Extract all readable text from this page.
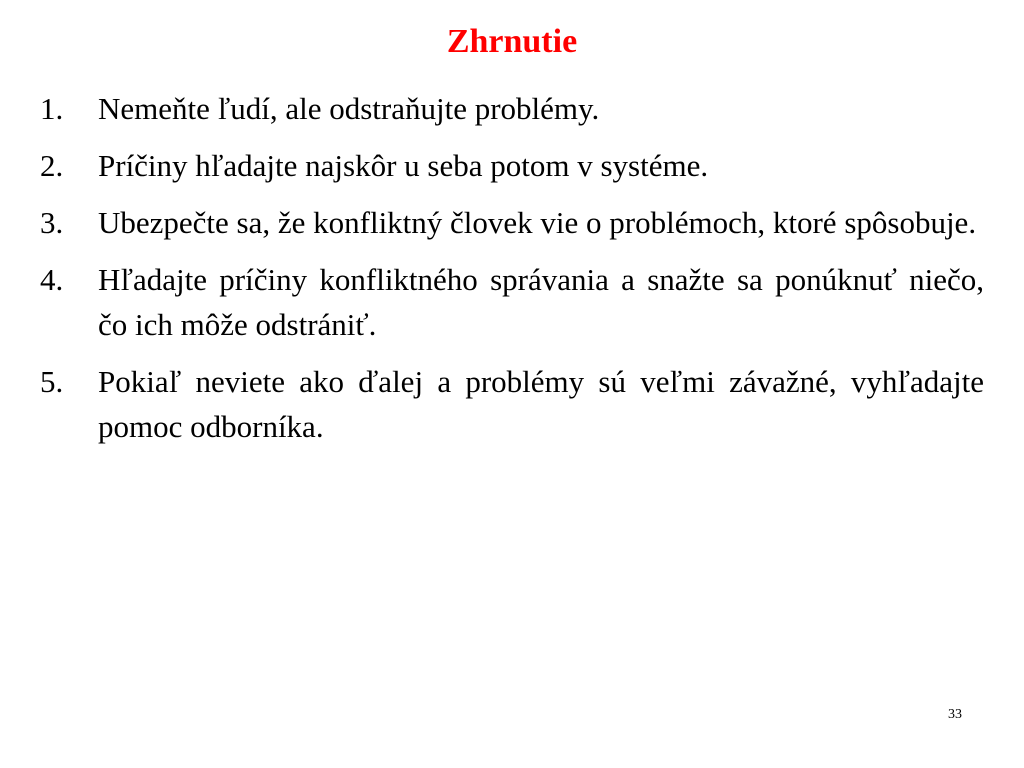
Zhrnutie
1.	Nemeňte ľudí, ale odstraňujte problémy.
2.	Príčiny hľadajte najskôr u seba potom v systéme.
3.	Ubezpečte sa, že konfliktný človek vie o problémoch, ktoré spôsobuje.
4.	Hľadajte príčiny konfliktného správania a snažte sa ponúknuť niečo, čo ich môže odstrániť.
5.	Pokiaľ neviete ako ďalej a problémy sú veľmi závažné, vyhľadajte pomoc odborníka.
33
